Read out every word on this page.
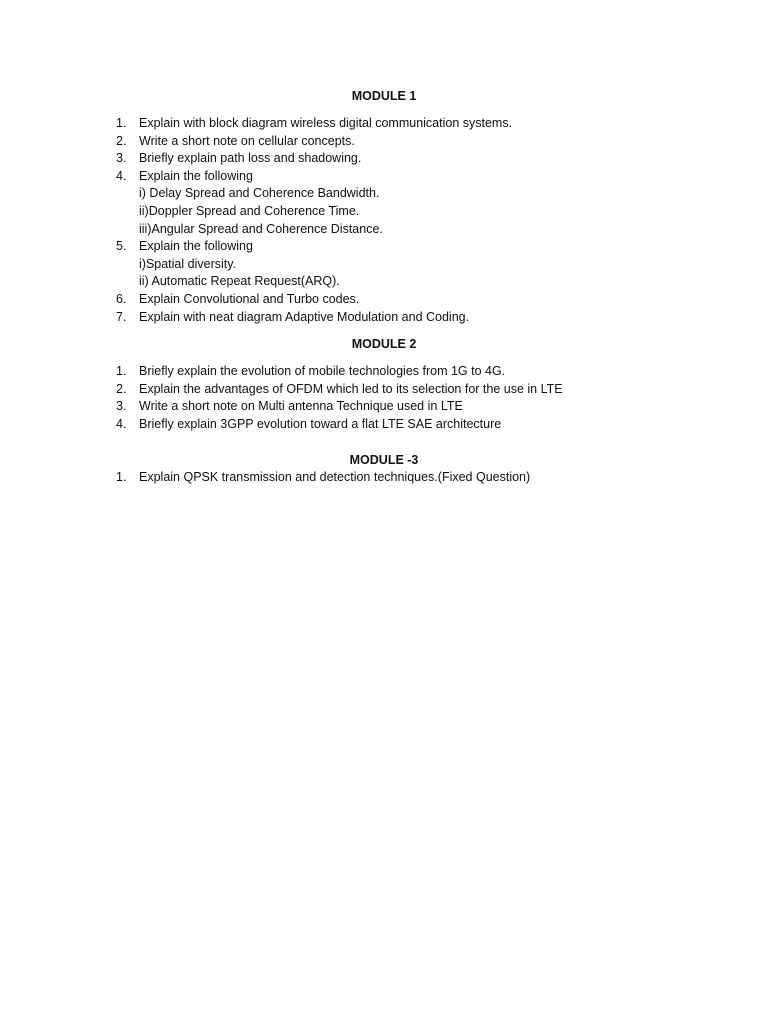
MODULE 1
1. Explain with block diagram wireless digital communication systems.
2. Write a short note on cellular concepts.
3. Briefly explain path loss and shadowing.
4. Explain the following
i) Delay Spread and Coherence Bandwidth.
ii)Doppler Spread and Coherence Time.
iii)Angular Spread and Coherence Distance.
5. Explain the following
i)Spatial diversity.
ii) Automatic Repeat Request(ARQ).
6. Explain Convolutional and Turbo codes.
7. Explain with neat diagram Adaptive Modulation and Coding.
MODULE 2
1. Briefly explain the evolution of mobile technologies from 1G to 4G.
2. Explain the advantages of OFDM which led to its selection for the use in LTE
3. Write a short note on Multi antenna Technique used in LTE
4. Briefly explain 3GPP evolution toward a flat LTE SAE architecture
MODULE -3
1. Explain QPSK transmission and detection techniques.(Fixed Question)
